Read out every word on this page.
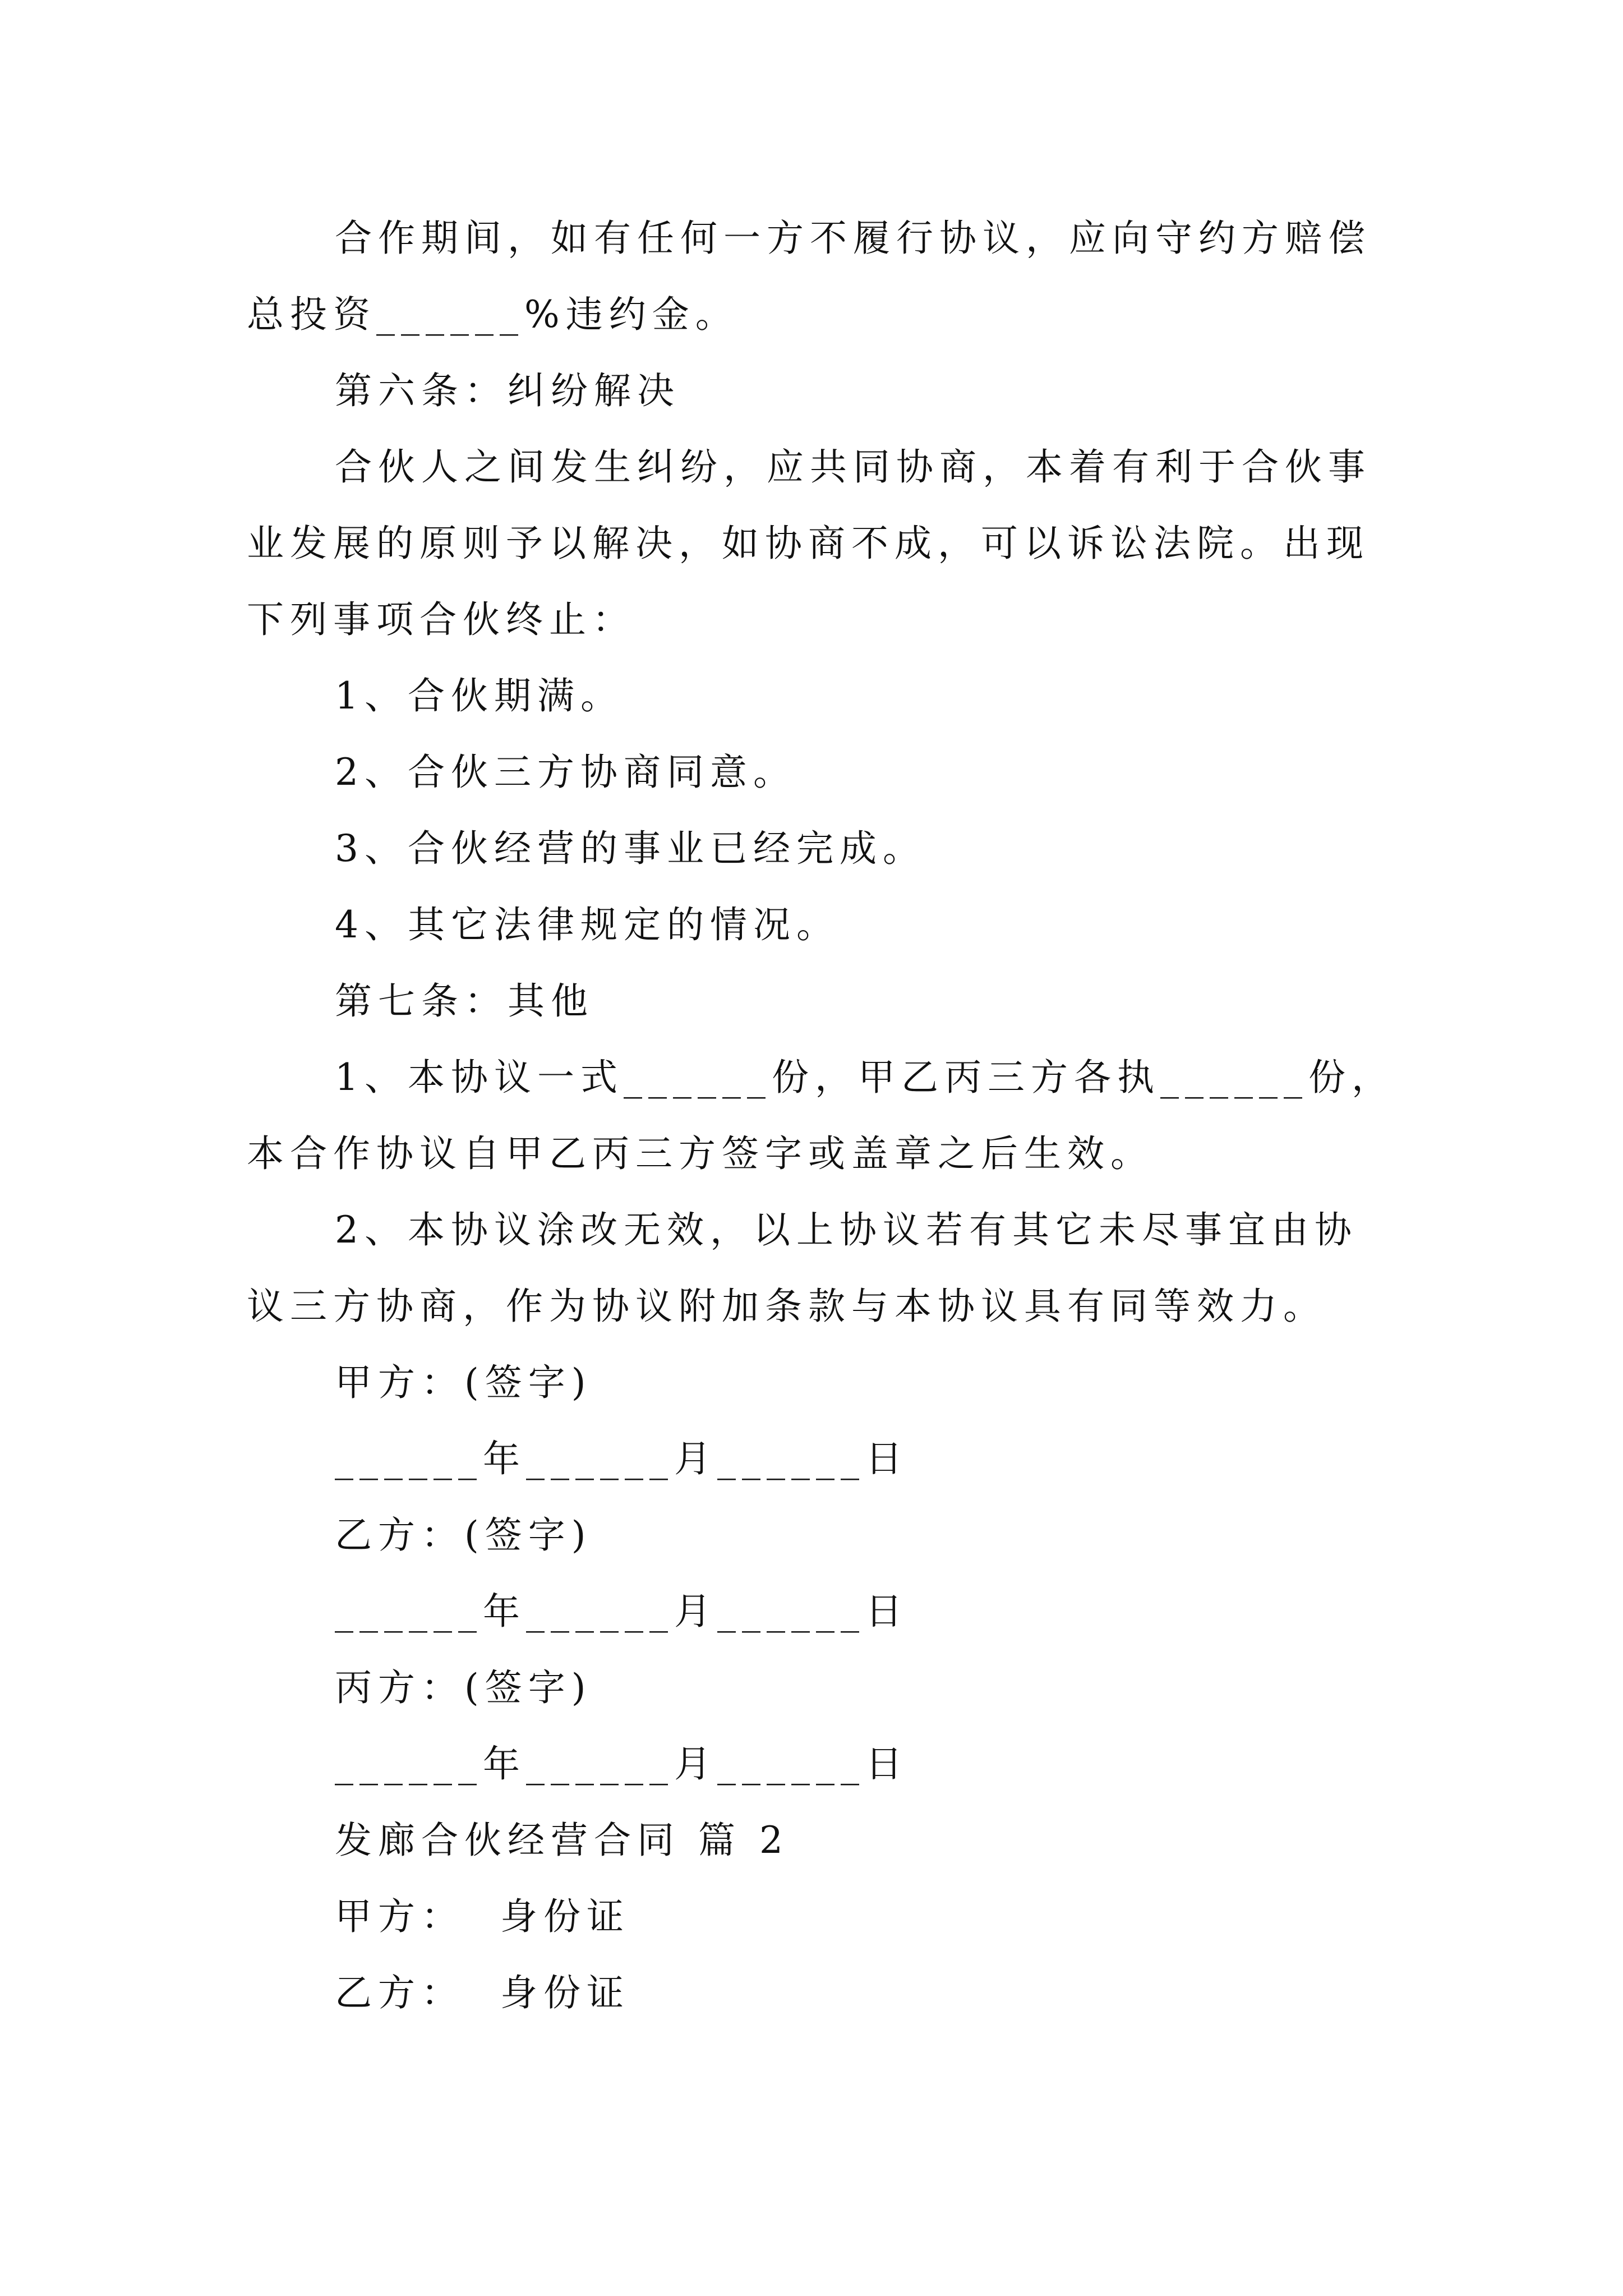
合作期间，如有任何一方不履行协议，应向守约方赔偿
总投资______%违约金。
第六条：纠纷解决
合伙人之间发生纠纷，应共同协商，本着有利于合伙事
业发展的原则予以解决，如协商不成，可以诉讼法院。出现
下列事项合伙终止：
1、合伙期满。
2、合伙三方协商同意。
3、合伙经营的事业已经完成。
4、其它法律规定的情况。
第七条：其他
1、本协议一式______份，甲乙丙三方各执______份，
本合作协议自甲乙丙三方签字或盖章之后生效。
2、本协议涂改无效，以上协议若有其它未尽事宜由协
议三方协商，作为协议附加条款与本协议具有同等效力。
甲方：(签字)
______年______月______日
乙方：(签字)
______年______月______日
丙方：(签字)
______年______月______日
发廊合伙经营合同 篇 2
甲方：  身份证
乙方：  身份证
